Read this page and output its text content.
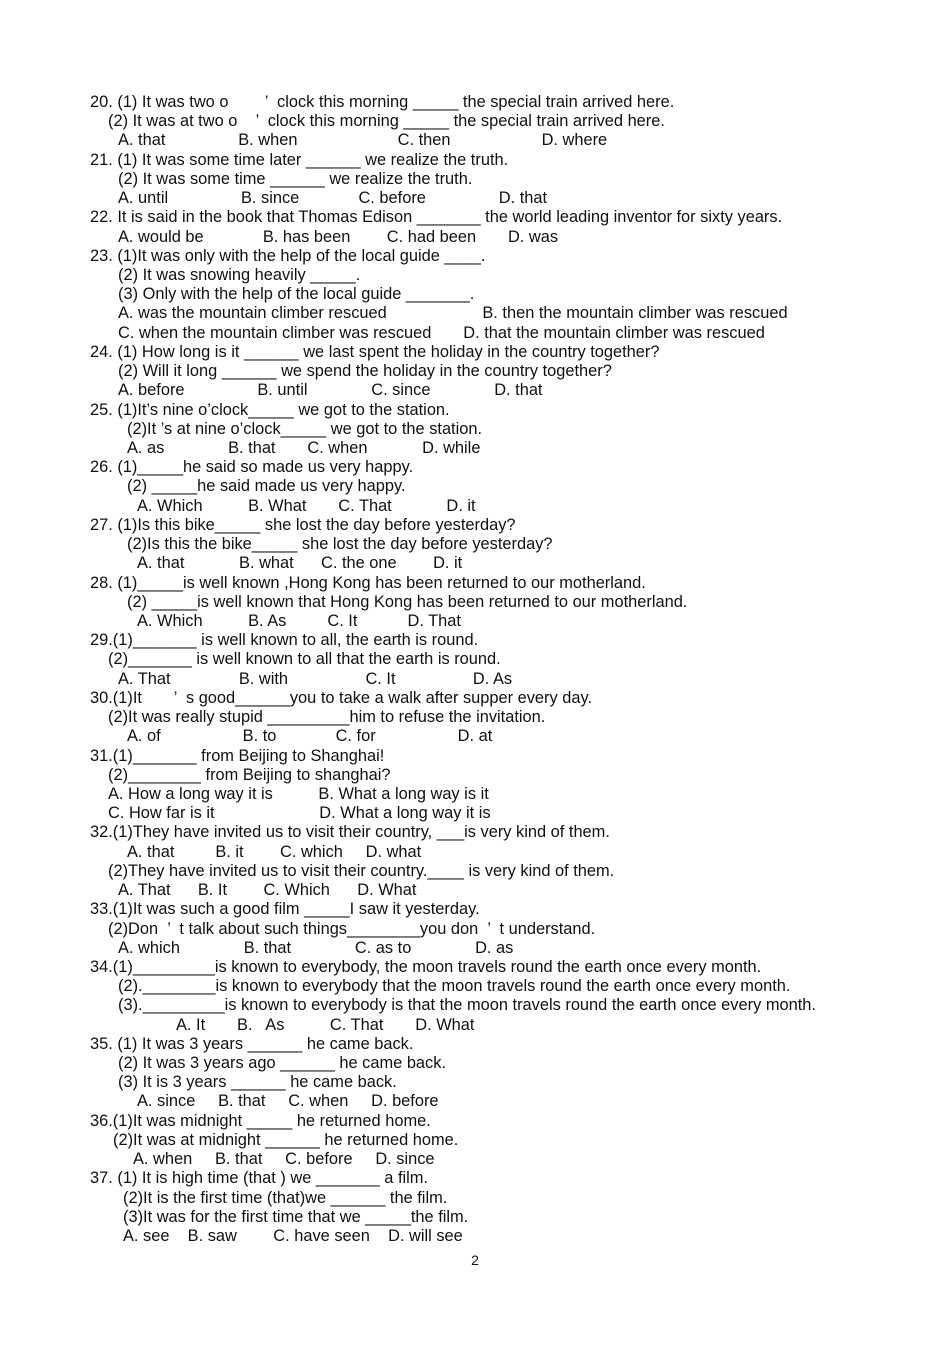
20. (1) It was two o        ’  clock this morning _____ the special train arrived here.
(2) It was at two o    ’  clock this morning _____ the special train arrived here.
A. that                B. when                      C. then                    D. where
21. (1) It was some time later ______ we realize the truth.
(2) It was some time ______ we realize the truth.
A. until                B. since             C. before                D. that
22. It is said in the book that Thomas Edison _______ the world leading inventor for sixty years.
A. would be             B. has been        C. had been       D. was
23. (1)It was only with the help of the local guide ____.
(2) It was snowing heavily _____.
(3) Only with the help of the local guide _______.
A. was the mountain climber rescued                     B. then the mountain climber was rescued
C. when the mountain climber was rescued       D. that the mountain climber was rescued
24. (1) How long is it ______ we last spent the holiday in the country together?
(2) Will it long ______ we spend the holiday in the country together?
A. before                B. until              C. since              D. that
25. (1)It’s nine o’clock_____ we got to the station.
(2)It ’s at nine o’clock_____ we got to the station.
A. as              B. that       C. when            D. while
26. (1)_____he said so made us very happy.
(2) _____he said made us very happy.
A. Which          B. What       C. That            D. it
27. (1)Is this bike_____ she lost the day before yesterday?
(2)Is this the bike_____ she lost the day before yesterday?
A. that            B. what      C. the one        D. it
28. (1)_____is well known ,Hong Kong has been returned to our motherland.
(2) _____is well known that Hong Kong has been returned to our motherland.
A. Which          B. As         C. It           D. That
29.(1)_______ is well known to all, the earth is round.
(2)_______ is well known to all that the earth is round.
A. That               B. with                 C. It                 D. As
30.(1)It       ’  s good______you to take a walk after supper every day.
(2)It was really stupid _________him to refuse the invitation.
A. of                  B. to             C. for                  D. at
31.(1)_______ from Beijing to Shanghai!
(2)________ from Beijing to shanghai?
A. How a long way it is          B. What a long way is it
C. How far is it                       D. What a long way it is
32.(1)They have invited us to visit their country, ___is very kind of them.
A. that         B. it        C. which     D. what
(2)They have invited us to visit their country.____ is very kind of them.
A. That      B. It        C. Which      D. What
33.(1)It was such a good film _____I saw it yesterday.
(2)Don  ’  t talk about such things________you don  ’  t understand.
A. which              B. that              C. as to              D. as
34.(1)_________is known to everybody, the moon travels round the earth once every month.
(2).________is known to everybody that the moon travels round the earth once every month.
(3)._________is known to everybody is that the moon travels round the earth once every month.
A. It       B.   As          C. That       D. What
35. (1) It was 3 years ______ he came back.
(2) It was 3 years ago ______ he came back.
(3) It is 3 years ______ he came back.
A. since     B. that     C. when     D. before
36.(1)It was midnight _____ he returned home.
(2)It was at midnight ______ he returned home.
A. when     B. that     C. before     D. since
37. (1) It is high time (that ) we _______ a film.
(2)It is the first time (that)we ______ the film.
(3)It was for the first time that we _____the film.
A. see    B. saw        C. have seen    D. will see
2
